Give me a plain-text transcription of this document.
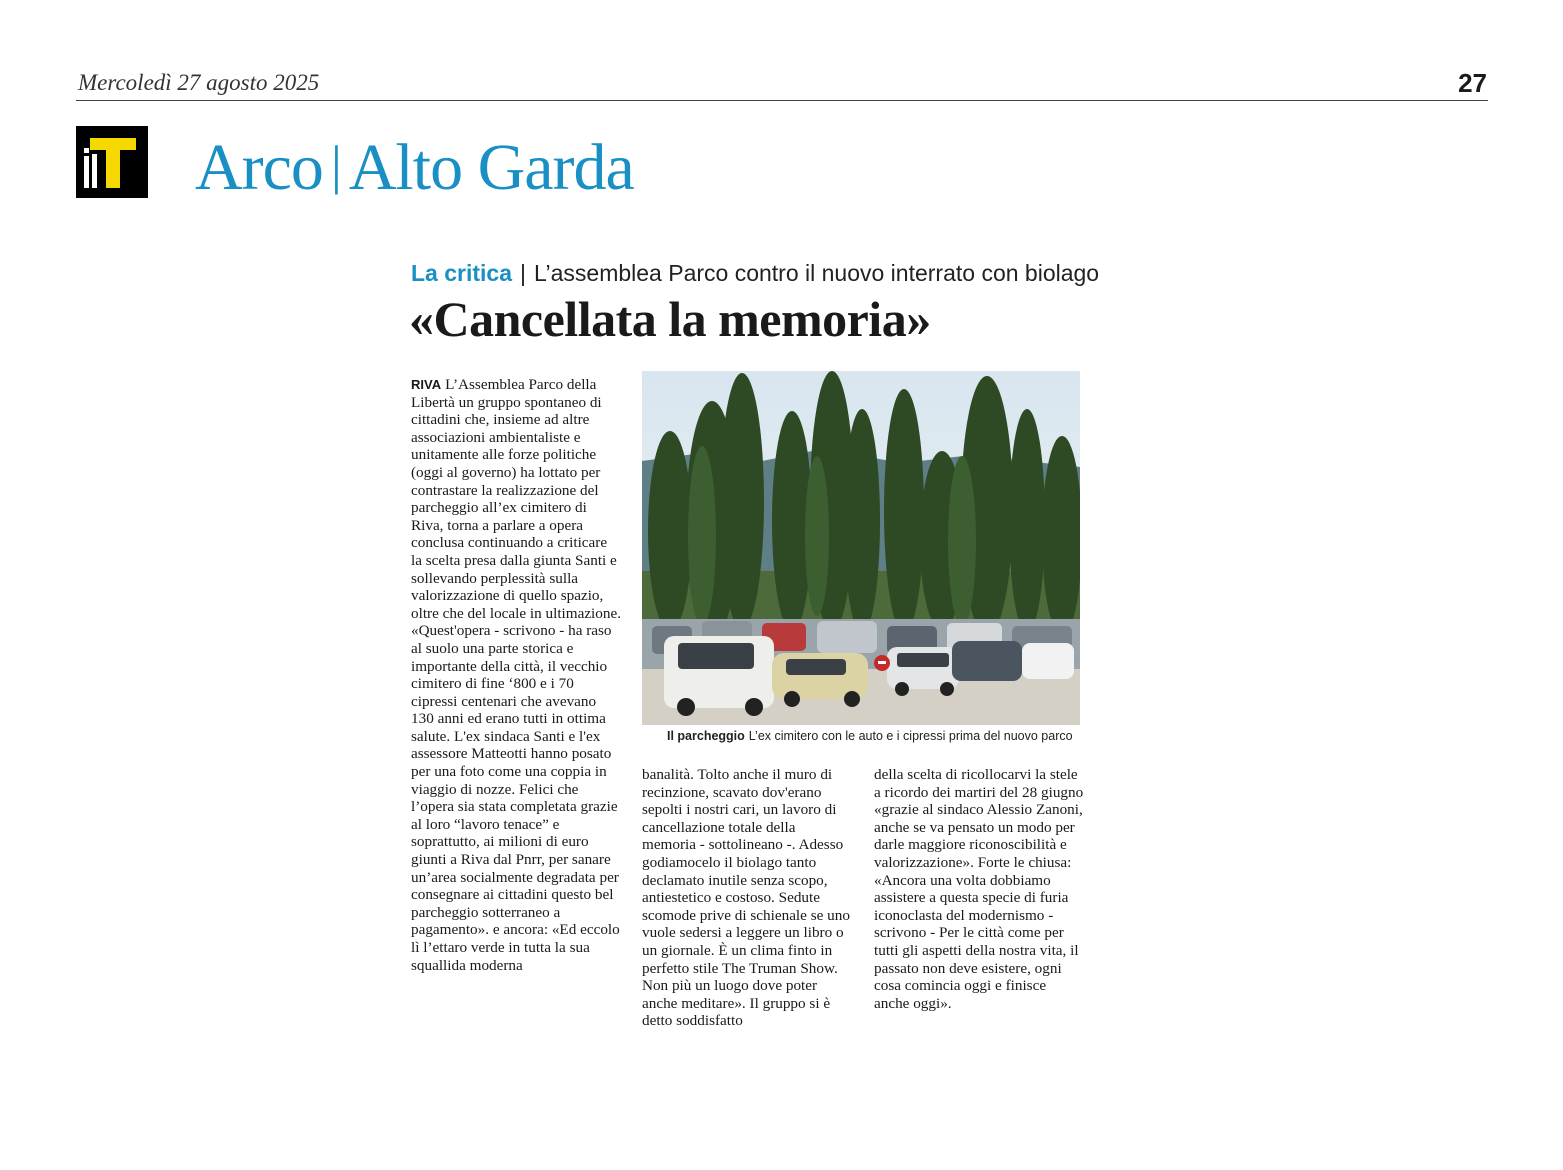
Mercoledì 27 agosto 2025	27
Arco | Alto Garda
La critica | L’assemblea Parco contro il nuovo interrato con biolago
«Cancellata la memoria»
RIVA L’Assemblea Parco della Libertà un gruppo spontaneo di cittadini che, insieme ad altre associazioni ambientaliste e unitamente alle forze politiche (oggi al governo) ha lottato per contrastare la realizzazione del parcheggio all’ex cimitero di Riva, torna a parlare a opera conclusa continuando a criticare la scelta presa dalla giunta Santi e sollevando perplessità sulla valorizzazione di quello spazio, oltre che del locale in ultimazione. «Quest'opera - scrivono - ha raso al suolo una parte storica e importante della città, il vecchio cimitero di fine ‘800 e i 70 cipressi centenari che avevano 130 anni ed erano tutti in ottima salute. L'ex sindaca Santi e l'ex assessore Matteotti hanno posato per una foto come una coppia in viaggio di nozze. Felici che l’opera sia stata completata grazie al loro “lavoro tenace” e soprattutto, ai milioni di euro giunti a Riva dal Pnrr, per sanare un’area socialmente degradata per consegnare ai cittadini questo bel parcheggio sotterraneo a pagamento». e ancora: «Ed eccolo lì l’ettaro verde in tutta la sua squallida moderna
Il parcheggio L’ex cimitero con le auto e i cipressi prima del nuovo parco
banalità. Tolto anche il muro di recinzione, scavato dov'erano sepolti i nostri cari, un lavoro di cancellazione totale della memoria - sottolineano -. Adesso godiamocelo il biolago tanto declamato inutile senza scopo, antiestetico e costoso. Sedute scomode prive di schienale se uno vuole sedersi a leggere un libro o un giornale. È un clima finto in perfetto stile The Truman Show. Non più un luogo dove poter anche meditare». Il gruppo si è detto soddisfatto
della scelta di ricollocarvi la stele a ricordo dei martiri del 28 giugno «grazie al sindaco Alessio Zanoni, anche se va pensato un modo per darle maggiore riconoscibilità e valorizzazione». Forte le chiusa: «Ancora una volta dobbiamo assistere a questa specie di furia iconoclasta del modernismo - scrivono - Per le città come per tutti gli aspetti della nostra vita, il passato non deve esistere, ogni cosa comincia oggi e finisce anche oggi».
